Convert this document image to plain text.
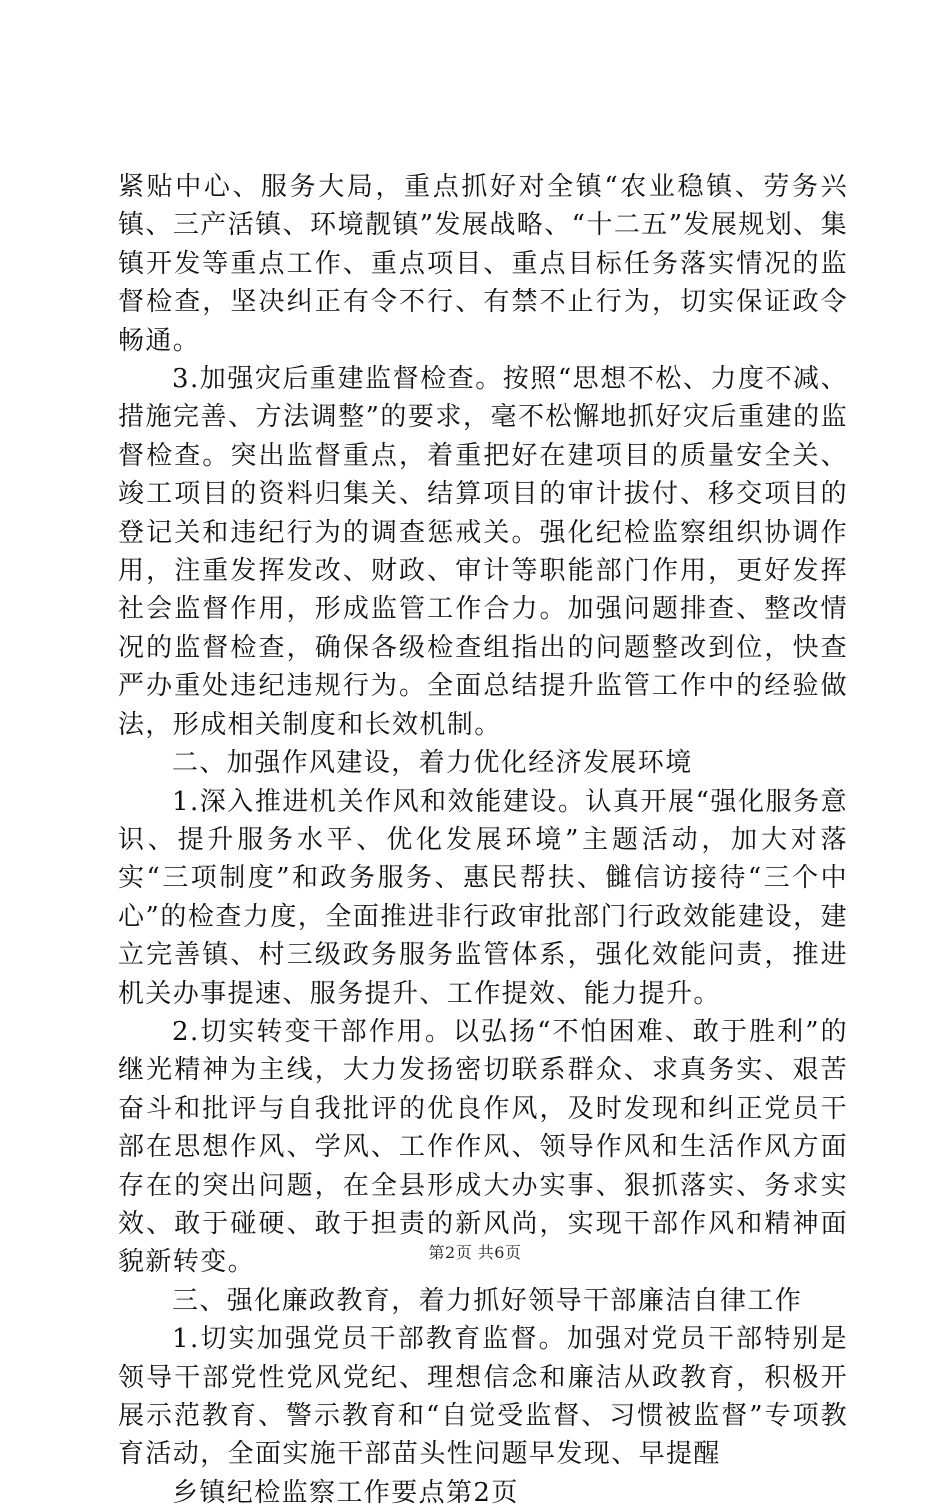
紧贴中心、服务大局，重点抓好对全镇“农业稳镇、劳务兴镇、三产活镇、环境靓镇”发展战略、“十二五”发展规划、集镇开发等重点工作、重点项目、重点目标任务落实情况的监督检查，坚决纠正有令不行、有禁不止行为，切实保证政令畅通。

3.加强灾后重建监督检查。按照“思想不松、力度不减、措施完善、方法调整”的要求，毫不松懈地抓好灾后重建的监督检查。突出监督重点，着重把好在建项目的质量安全关、竣工项目的资料归集关、结算项目的审计拔付、移交项目的登记关和违纪行为的调查惩戒关。强化纪检监察组织协调作用，注重发挥发改、财政、审计等职能部门作用，更好发挥社会监督作用，形成监管工作合力。加强问题排查、整改情况的监督检查，确保各级检查组指出的问题整改到位，快查严办重处违纪违规行为。全面总结提升监管工作中的经验做法，形成相关制度和长效机制。

二、加强作风建设，着力优化经济发展环境

1.深入推进机关作风和效能建设。认真开展“强化服务意识、提升服务水平、优化发展环境”主题活动，加大对落实“三项制度”和政务服务、惠民帮扶、雠信访接待“三个中心”的检查力度，全面推进非行政审批部门行政效能建设，建立完善镇、村三级政务服务监管体系，强化效能问责，推进机关办事提速、服务提升、工作提效、能力提升。

2.切实转变干部作用。以弘扬“不怕困难、敢于胜利”的继光精神为主线，大力发扬密切联系群众、求真务实、艰苦奋斗和批评与自我批评的优良作风，及时发现和纠正党员干部在思想作风、学风、工作作风、领导作风和生活作风方面存在的突出问题，在全县形成大办实事、狠抓落实、务求实效、敢于碰硬、敢于担责的新风尚，实现干部作风和精神面貌新转变。

三、强化廉政教育，着力抓好领导干部廉洁自律工作

1.切实加强党员干部教育监督。加强对党员干部特别是领导干部党性党风党纪、理想信念和廉洁从政教育，积极开展示范教育、警示教育和“自觉受监督、习惯被监督”专项教育活动，全面实施干部苗头性问题早发现、早提醒

乡镇纪检监察工作要点第2页

第2页 共6页
